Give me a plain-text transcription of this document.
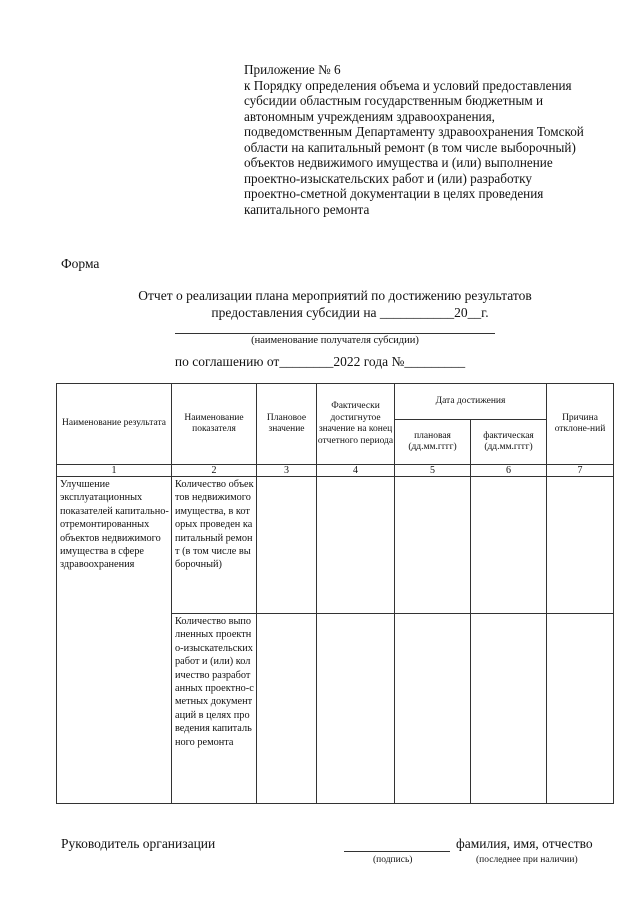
Приложение № 6
к Порядку определения объема и условий предоставления
субсидии областным государственным бюджетным и
автономным учреждениям здравоохранения,
подведомственным Департаменту здравоохранения Томской
области на капитальный ремонт (в том числе выборочный)
объектов недвижимого имущества и (или) выполнение
проектно-изыскательских работ и (или) разработку
проектно-сметной документации в целях проведения
капитального ремонта
Форма
Отчет о реализации плана мероприятий по достижению результатов
предоставления субсидии на ___________20__г.
(наименование получателя субсидии)
по соглашению от________2022 года №_________
Наименование результата	Наименование показателя	Плановое значение	Фактически достигнутое значение на конец отчетного периода	Дата достижения		Причина отклоне-ний
				плановая (дд.мм.гггг)	фактическая (дд.мм.гггг)	
1	2	3	4	5	6	7
Улучшение эксплуатационных показателей капитально-отремонтированных объектов недвижимого имущества в сфере здравоохранения	Количество объектов недвижимого имущества, в которых проведен капитальный ремонт (в том числе выборочный)					
	Количество выполненных проектно-изыскательских работ и (или) количество разработанных проектно-сметных документаций в целях проведения капитального ремонта					
Руководитель организации	фамилия, имя, отчество
(подпись)	(последнее при наличии)
